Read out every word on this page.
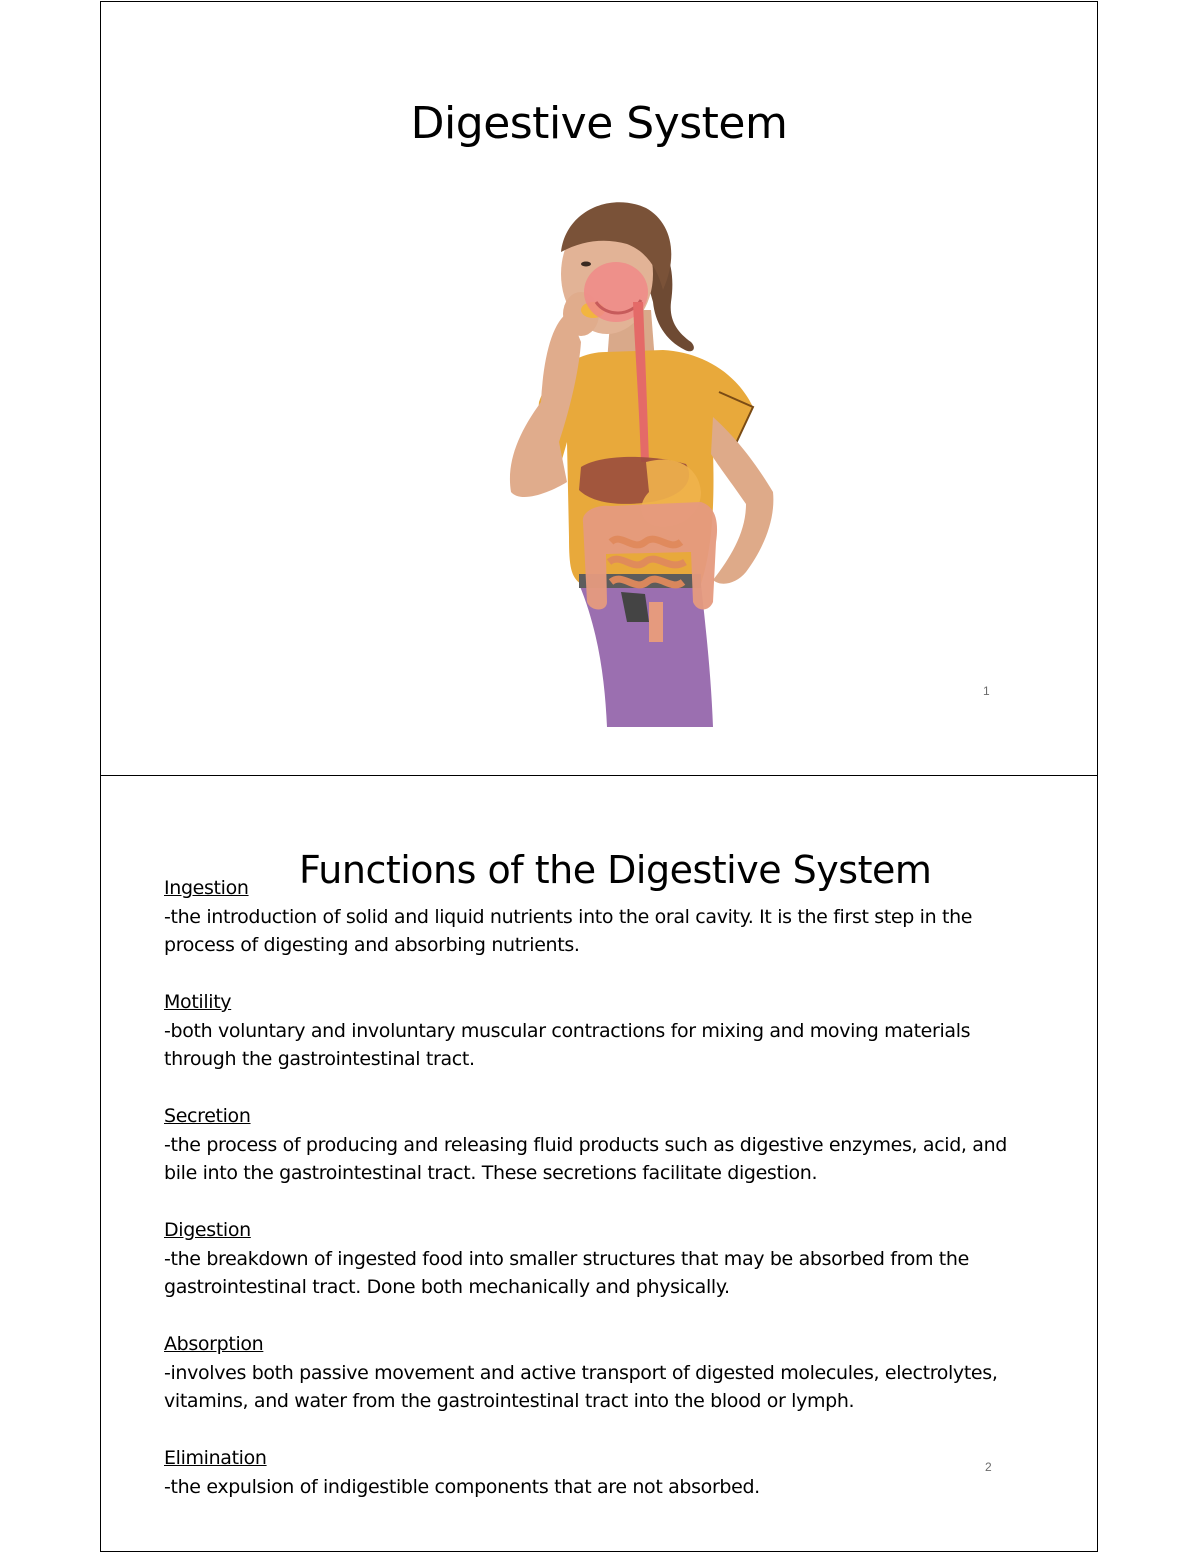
Digestive System
1
Functions of the Digestive System
Ingestion
-the introduction of solid and liquid nutrients into the oral cavity. It is the first step in the process of digesting and absorbing nutrients.
Motility
-both voluntary and involuntary muscular contractions for mixing and moving materials through the gastrointestinal tract.
Secretion
-the process of producing and releasing fluid products such as digestive enzymes, acid, and bile into the gastrointestinal tract. These secretions facilitate digestion.
Digestion
-the breakdown of ingested food into smaller structures that may be absorbed from the gastrointestinal tract. Done both mechanically and physically.
Absorption
-involves both passive movement and active transport of digested molecules, electrolytes, vitamins, and water from the gastrointestinal tract into the blood or lymph.
Elimination
-the expulsion of indigestible components that are not absorbed.
2
